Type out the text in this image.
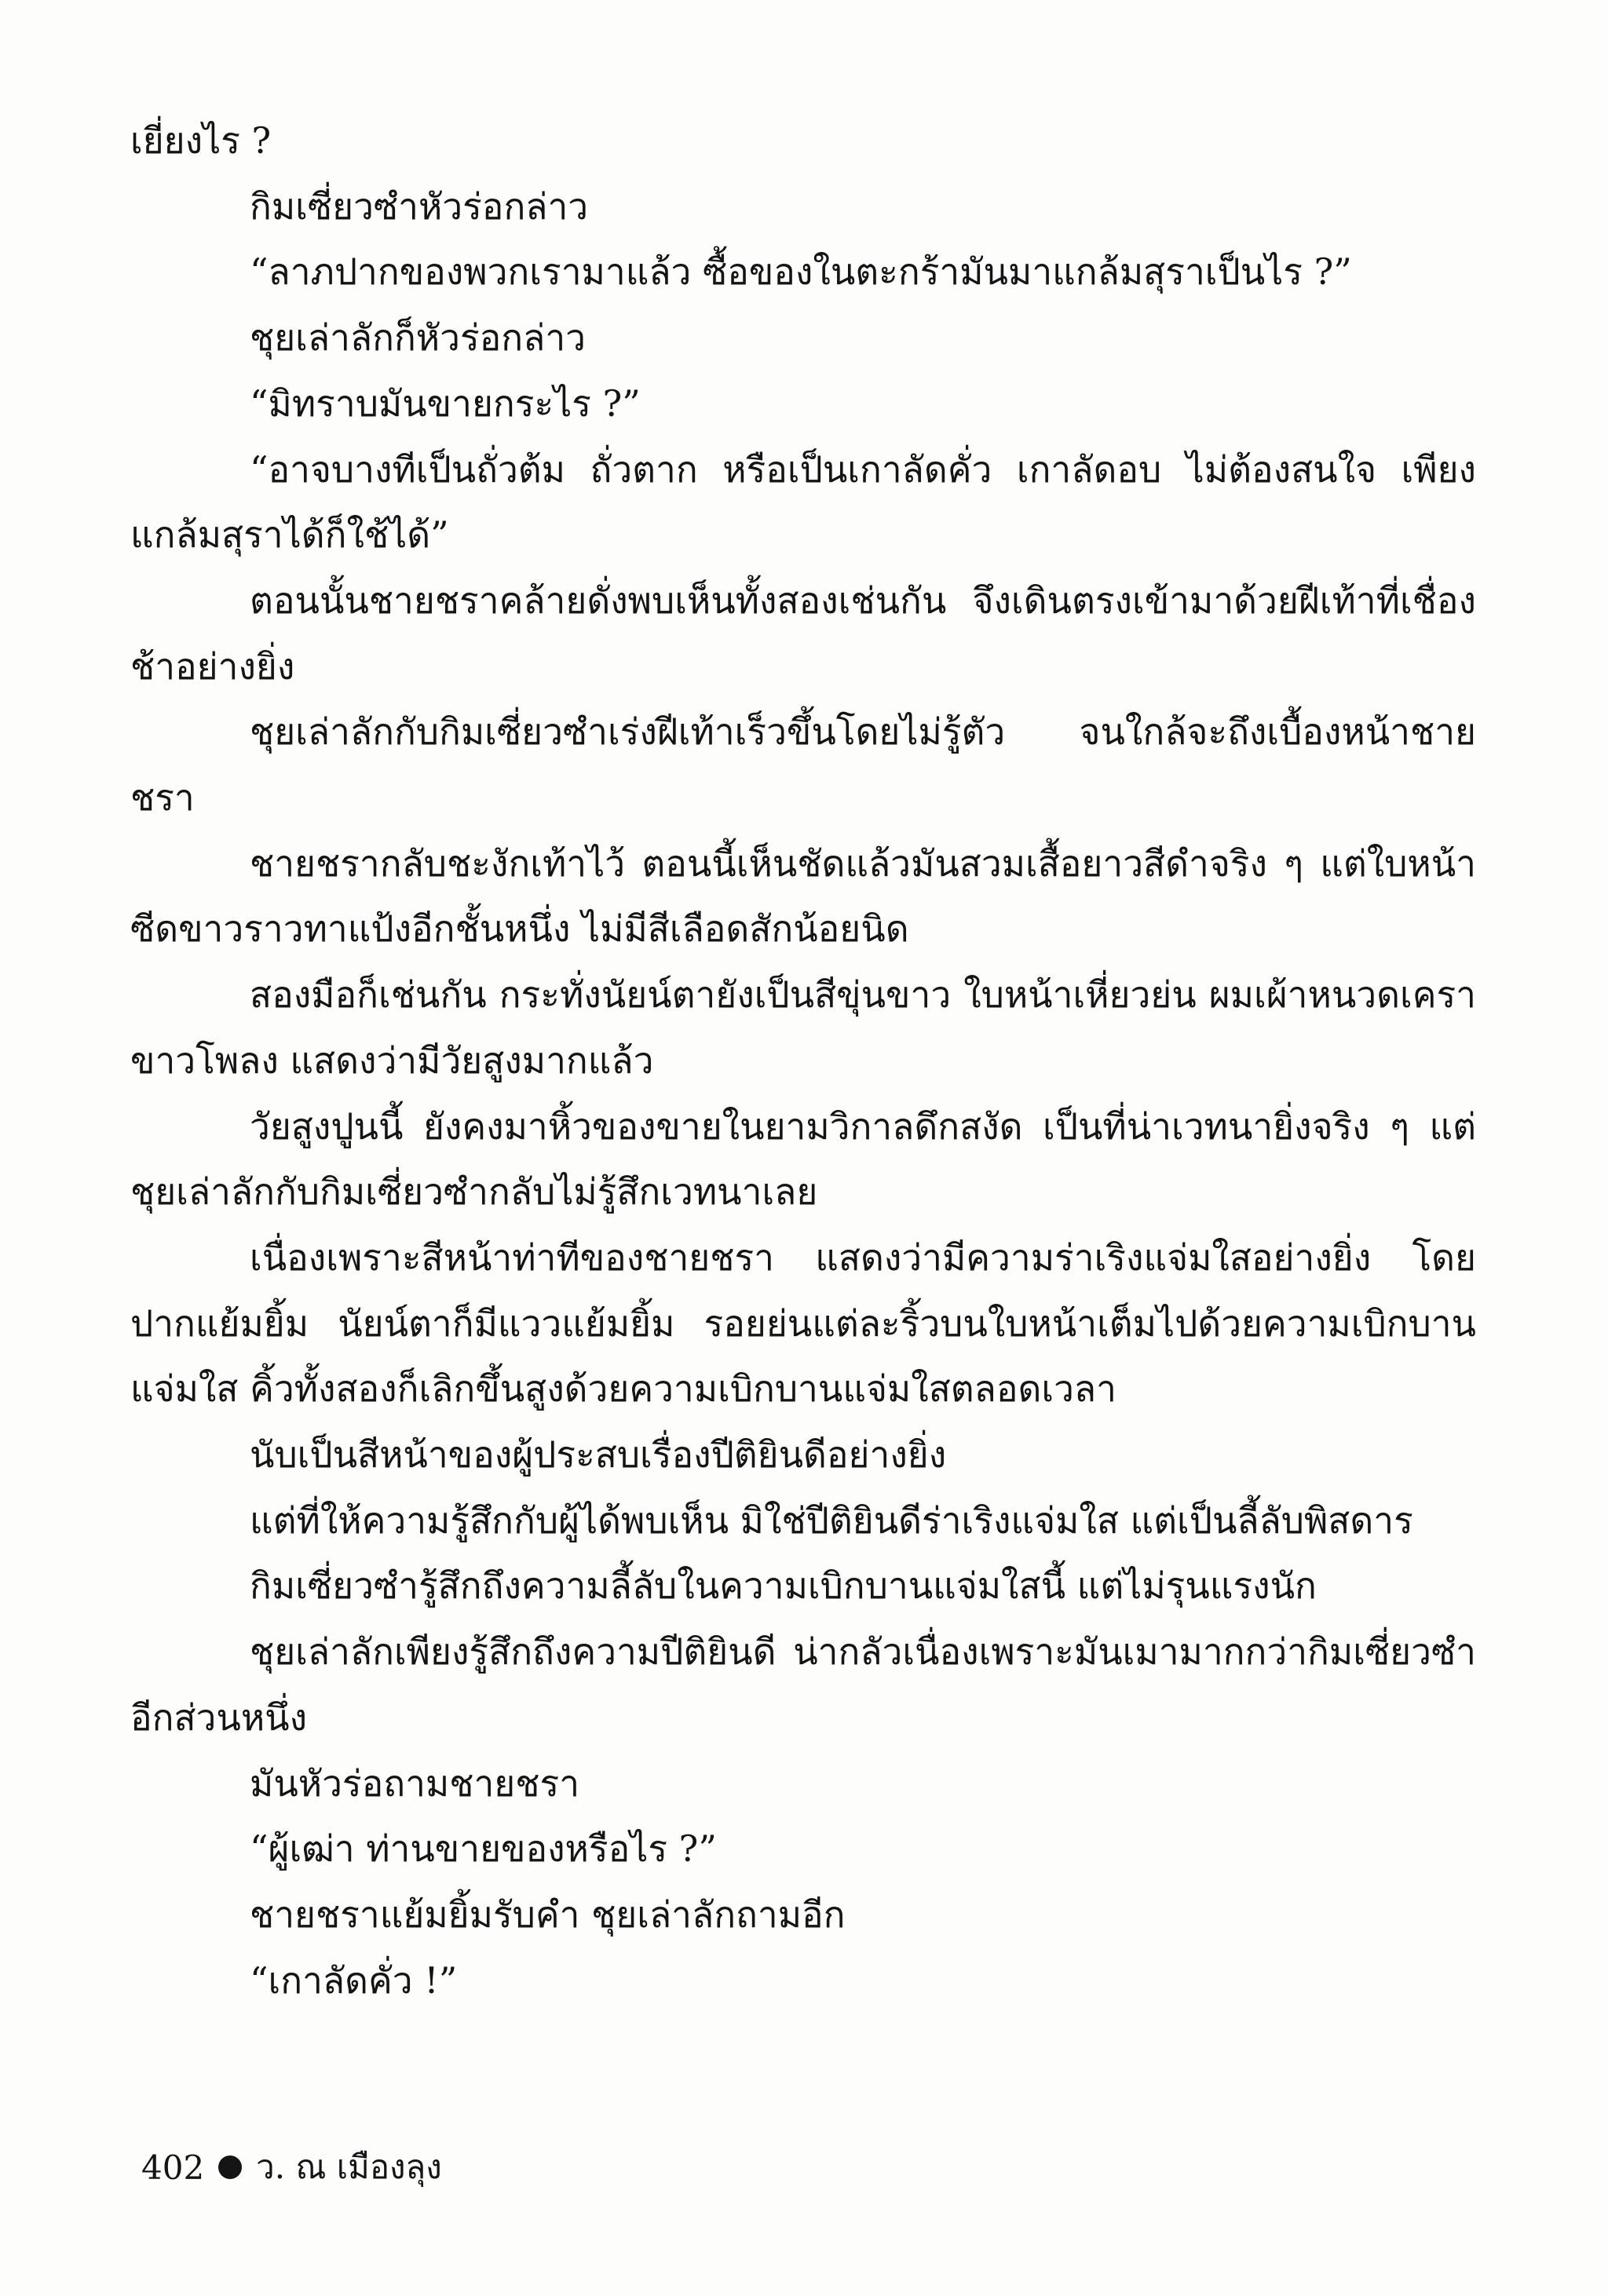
เยี่ยงไร ?

กิมเซี่ยวซำหัวร่อกล่าว

“ลาภปากของพวกเรามาแล้ว ซื้อของในตะกร้ามันมาแกล้มสุราเป็นไร ?”

ชุยเล่าลักก็หัวร่อกล่าว

“มิทราบมันขายกระไร ?”

“อาจบางทีเป็นถั่วต้ม ถั่วตาก หรือเป็นเกาลัดคั่ว เกาลัดอบ ไม่ต้องสนใจ เพียงแกล้มสุราได้ก็ใช้ได้”

ตอนนั้นชายชราคล้ายดั่งพบเห็นทั้งสองเช่นกัน จึงเดินตรงเข้ามาด้วยฝีเท้าที่เชื่องช้าอย่างยิ่ง

ชุยเล่าลักกับกิมเซี่ยวซำเร่งฝีเท้าเร็วขึ้นโดยไม่รู้ตัว จนใกล้จะถึงเบื้องหน้าชายชรา

ชายชรากลับชะงักเท้าไว้ ตอนนี้เห็นชัดแล้วมันสวมเสื้อยาวสีดำจริง ๆ แต่ใบหน้าซีดขาวราวทาแป้งอีกชั้นหนึ่ง ไม่มีสีเลือดสักน้อยนิด

สองมือก็เช่นกัน กระทั่งนัยน์ตายังเป็นสีขุ่นขาว ใบหน้าเหี่ยวย่น ผมเผ้าหนวดเคราขาวโพลง แสดงว่ามีวัยสูงมากแล้ว

วัยสูงปูนนี้ ยังคงมาหิ้วของขายในยามวิกาลดึกสงัด เป็นที่น่าเวทนายิ่งจริง ๆ แต่ชุยเล่าลักกับกิมเซี่ยวซำกลับไม่รู้สึกเวทนาเลย

เนื่องเพราะสีหน้าท่าทีของชายชรา แสดงว่ามีความร่าเริงแจ่มใสอย่างยิ่ง โดยปากแย้มยิ้ม นัยน์ตาก็มีแววแย้มยิ้ม รอยย่นแต่ละริ้วบนใบหน้าเต็มไปด้วยความเบิกบานแจ่มใส คิ้วทั้งสองก็เลิกขึ้นสูงด้วยความเบิกบานแจ่มใสตลอดเวลา

นับเป็นสีหน้าของผู้ประสบเรื่องปีติยินดีอย่างยิ่ง

แต่ที่ให้ความรู้สึกกับผู้ได้พบเห็น มิใช่ปีติยินดีร่าเริงแจ่มใส แต่เป็นลี้ลับพิสดาร

กิมเซี่ยวซำรู้สึกถึงความลี้ลับในความเบิกบานแจ่มใสนี้ แต่ไม่รุนแรงนัก

ชุยเล่าลักเพียงรู้สึกถึงความปีติยินดี น่ากลัวเนื่องเพราะมันเมามากกว่ากิมเซี่ยวซำอีกส่วนหนึ่ง

มันหัวร่อถามชายชรา

“ผู้เฒ่า ท่านขายของหรือไร ?”

ชายชราแย้มยิ้มรับคำ ชุยเล่าลักถามอีก

“เกาลัดคั่ว !”

402 ว. ณ เมืองลุง
